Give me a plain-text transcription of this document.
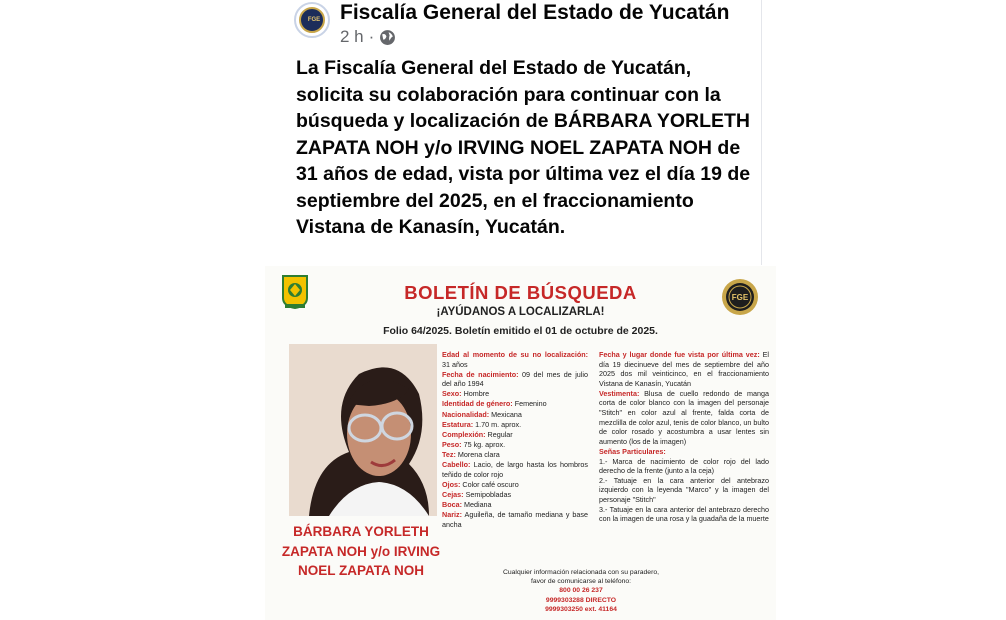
FGE Fiscalía General del Estado de Yucatán
2 h ·
La Fiscalía General del Estado de Yucatán, solicita su colaboración para continuar con la búsqueda y localización de BÁRBARA YORLETH ZAPATA NOH y/o IRVING NOEL ZAPATA NOH de 31 años de edad, vista por última vez el día 19 de septiembre del 2025, en el fraccionamiento Vistana de Kanasín, Yucatán.
FGE
BOLETÍN DE BÚSQUEDA
¡AYÚDANOS A LOCALIZARLA!
Folio 64/2025. Boletín emitido el 01 de octubre de 2025.
BÁRBARA YORLETH ZAPATA NOH y/o IRVING NOEL ZAPATA NOH
Edad al momento de su no localización: 31 años
Fecha de nacimiento: 09 del mes de julio del año 1994
Sexo: Hombre
Identidad de género: Femenino
Nacionalidad: Mexicana
Estatura: 1.70 m. aprox.
Complexión: Regular
Peso: 75 kg. aprox.
Tez: Morena clara
Cabello: Lacio, de largo hasta los hombros teñido de color rojo
Ojos: Color café oscuro
Cejas: Semipobladas
Boca: Mediana
Nariz: Aguileña, de tamaño mediana y base ancha
Fecha y lugar donde fue vista por última vez: El día 19 diecinueve del mes de septiembre del año 2025 dos mil veinticinco, en el fraccionamiento Vistana de Kanasín, Yucatán
Vestimenta: Blusa de cuello redondo de manga corta de color blanco con la imagen del personaje "Stitch" en color azul al frente, falda corta de mezclilla de color azul, tenis de color blanco, un bulto de color rosado y acostumbra a usar lentes sin aumento (los de la imagen)
Señas Particulares:
1.- Marca de nacimiento de color rojo del lado derecho de la frente (junto a la ceja)
2.- Tatuaje en la cara anterior del antebrazo izquierdo con la leyenda "Marco" y la imagen del personaje "Stitch"
3.- Tatuaje en la cara anterior del antebrazo derecho con la imagen de una rosa y la guadaña de la muerte
Cualquier información relacionada con su paradero, favor de comunicarse al teléfono:
800 00 26 237
9999303288 DIRECTO
9999303250 ext. 41164
